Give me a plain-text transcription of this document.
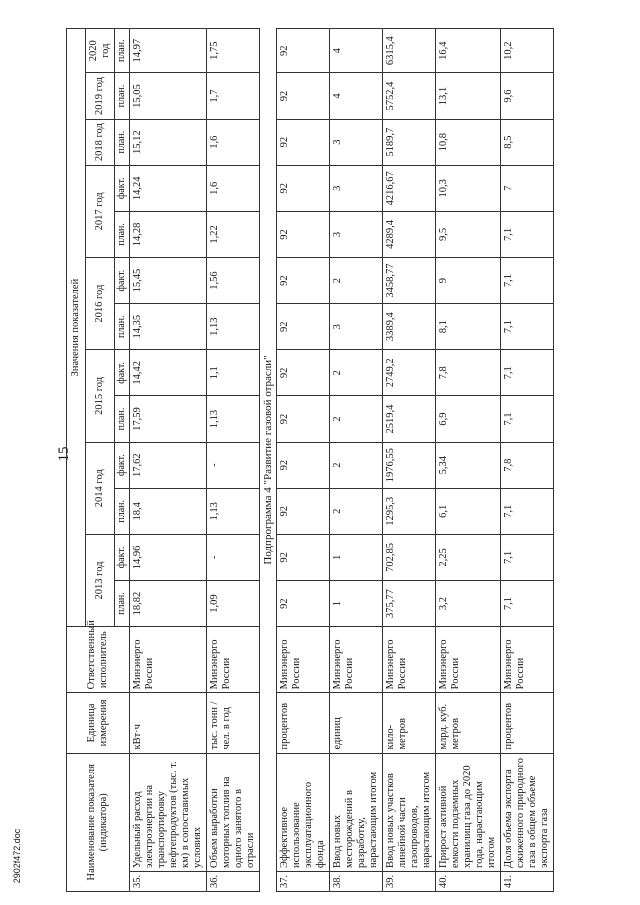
15
2902f472.doc	Наименование показателя (индикатора)		Единица измерения	Ответственный исполнитель	Значения показателей												
				2013 год		2014 год		2015 год		2016 год		2017 год		2018 год	2019 год	2020 год
				план.	факт.	план.	факт.	план.	факт.	план.	факт.	план.	факт.	план.	план.	план.
35.	Удельный расход электроэнергии на транспортировку нефтепродуктов (тыс. т. км) в сопоставимых условиях	кВт·ч	Минэнерго России	18,82	14,96	18,4	17,62	17,59	14,42	14,35	15,45	14,28	14,24	15,12	15,05	14,97
36.	Объем выработки моторных топлив на одного занятого в отрасли	тыс. тонн / чел. в год	Минэнерго России	1,09	-	1,13	-	1,13	1,1	1,13	1,56	1,22	1,6	1,6	1,7	1,75
Подпрограмма 4 "Развитие газовой отрасли"																
37.	Эффективное использование эксплуатационного фонда	процентов	Минэнерго России	92	92	92	92	92	92	92	92	92	92	92	92	92
38.	Ввод новых месторождений в разработку, нарастающим итогом	единиц	Минэнерго России	1	1	2	2	2	2	3	2	3	3	3	4	4
39.	Ввод новых участков линейной части газопроводов, нарастающим итогом	кило-метров	Минэнерго России	375,77	702,85	1295,3	1976,55	2519,4	2749,2	3389,4	3458,77	4289,4	4216,67	5189,7	5752,4	6315,4
40.	Прирост активной емкости подземных хранилищ газа до 2020 года, нарастающим итогом	млрд. куб. метров	Минэнерго России	3,2	2,25	6,1	5,34	6,9	7,8	8,1	9	9,5	10,3	10,8	13,1	16,4
41.	Доля объема экспорта сжиженного природного газа в общем объеме экспорта газа	процентов	Минэнерго России	7,1	7,1	7,1	7,8	7,1	7,1	7,1	7,1	7,1	7	8,5	9,6	10,2
